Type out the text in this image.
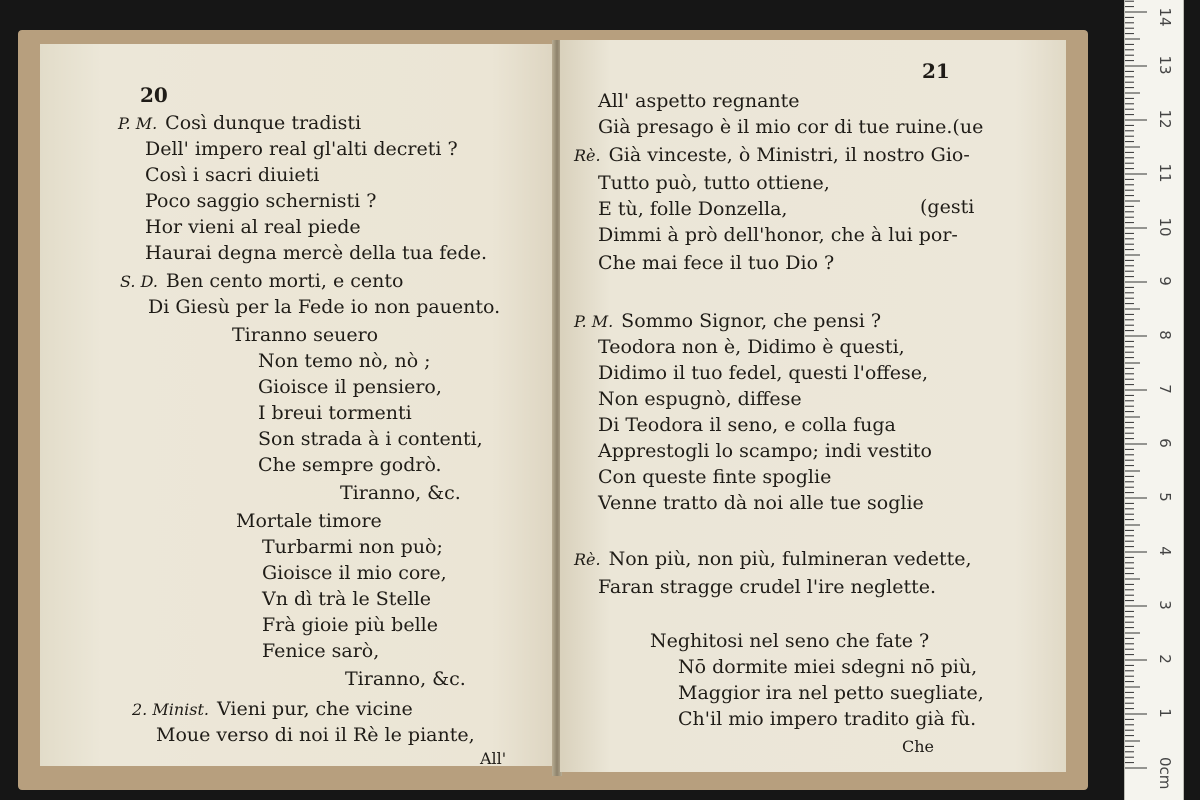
20
P. M. Così dunque tradisti
Dell' impero real gl'alti decreti ?
Così i sacri diuieti
Poco saggio schernisti ?
Hor vieni al real piede
Haurai degna mercè della tua fede.
S. D. Ben cento morti, e cento
Di Giesù per la Fede io non pauento.
Tiranno seuero
Non temo nò, nò ;
Gioisce il pensiero,
I breui tormenti
Son strada à i contenti,
Che sempre godrò.
Tiranno, &c.
Mortale timore
Turbarmi non può;
Gioisce il mio core,
Vn dì trà le Stelle
Frà gioie più belle
Fenice sarò,
Tiranno, &c.
2. Minist. Vieni pur, che vicine
Moue verso di noi il Rè le piante,
All'
21
All' aspetto regnante
Già presago è il mio cor di tue ruine.(ue
Rè. Già vinceste, ò Ministri, il nostro Gio-
Tutto può, tutto ottiene,
E tù, folle Donzella,	(gesti
Dimmi à prò dell'honor, che à lui por-
Che mai fece il tuo Dio ?
P. M. Sommo Signor, che pensi ?
Teodora non è, Didimo è questi,
Didimo il tuo fedel, questi l'offese,
Non espugnò, diffese
Di Teodora il seno, e colla fuga
Apprestogli lo scampo; indi vestito
Con queste finte spoglie
Venne tratto dà noi alle tue soglie
Rè. Non più, non più, fulmineran vedette,
Faran stragge crudel l'ire neglette.
Neghitosi nel seno che fate ?
Nō dormite miei sdegni nō più,
Maggior ira nel petto suegliate,
Ch'il mio impero tradito già fù.
Che
0cm
1
2
3
4
5
6
7
8
9
10
11
12
13
14
